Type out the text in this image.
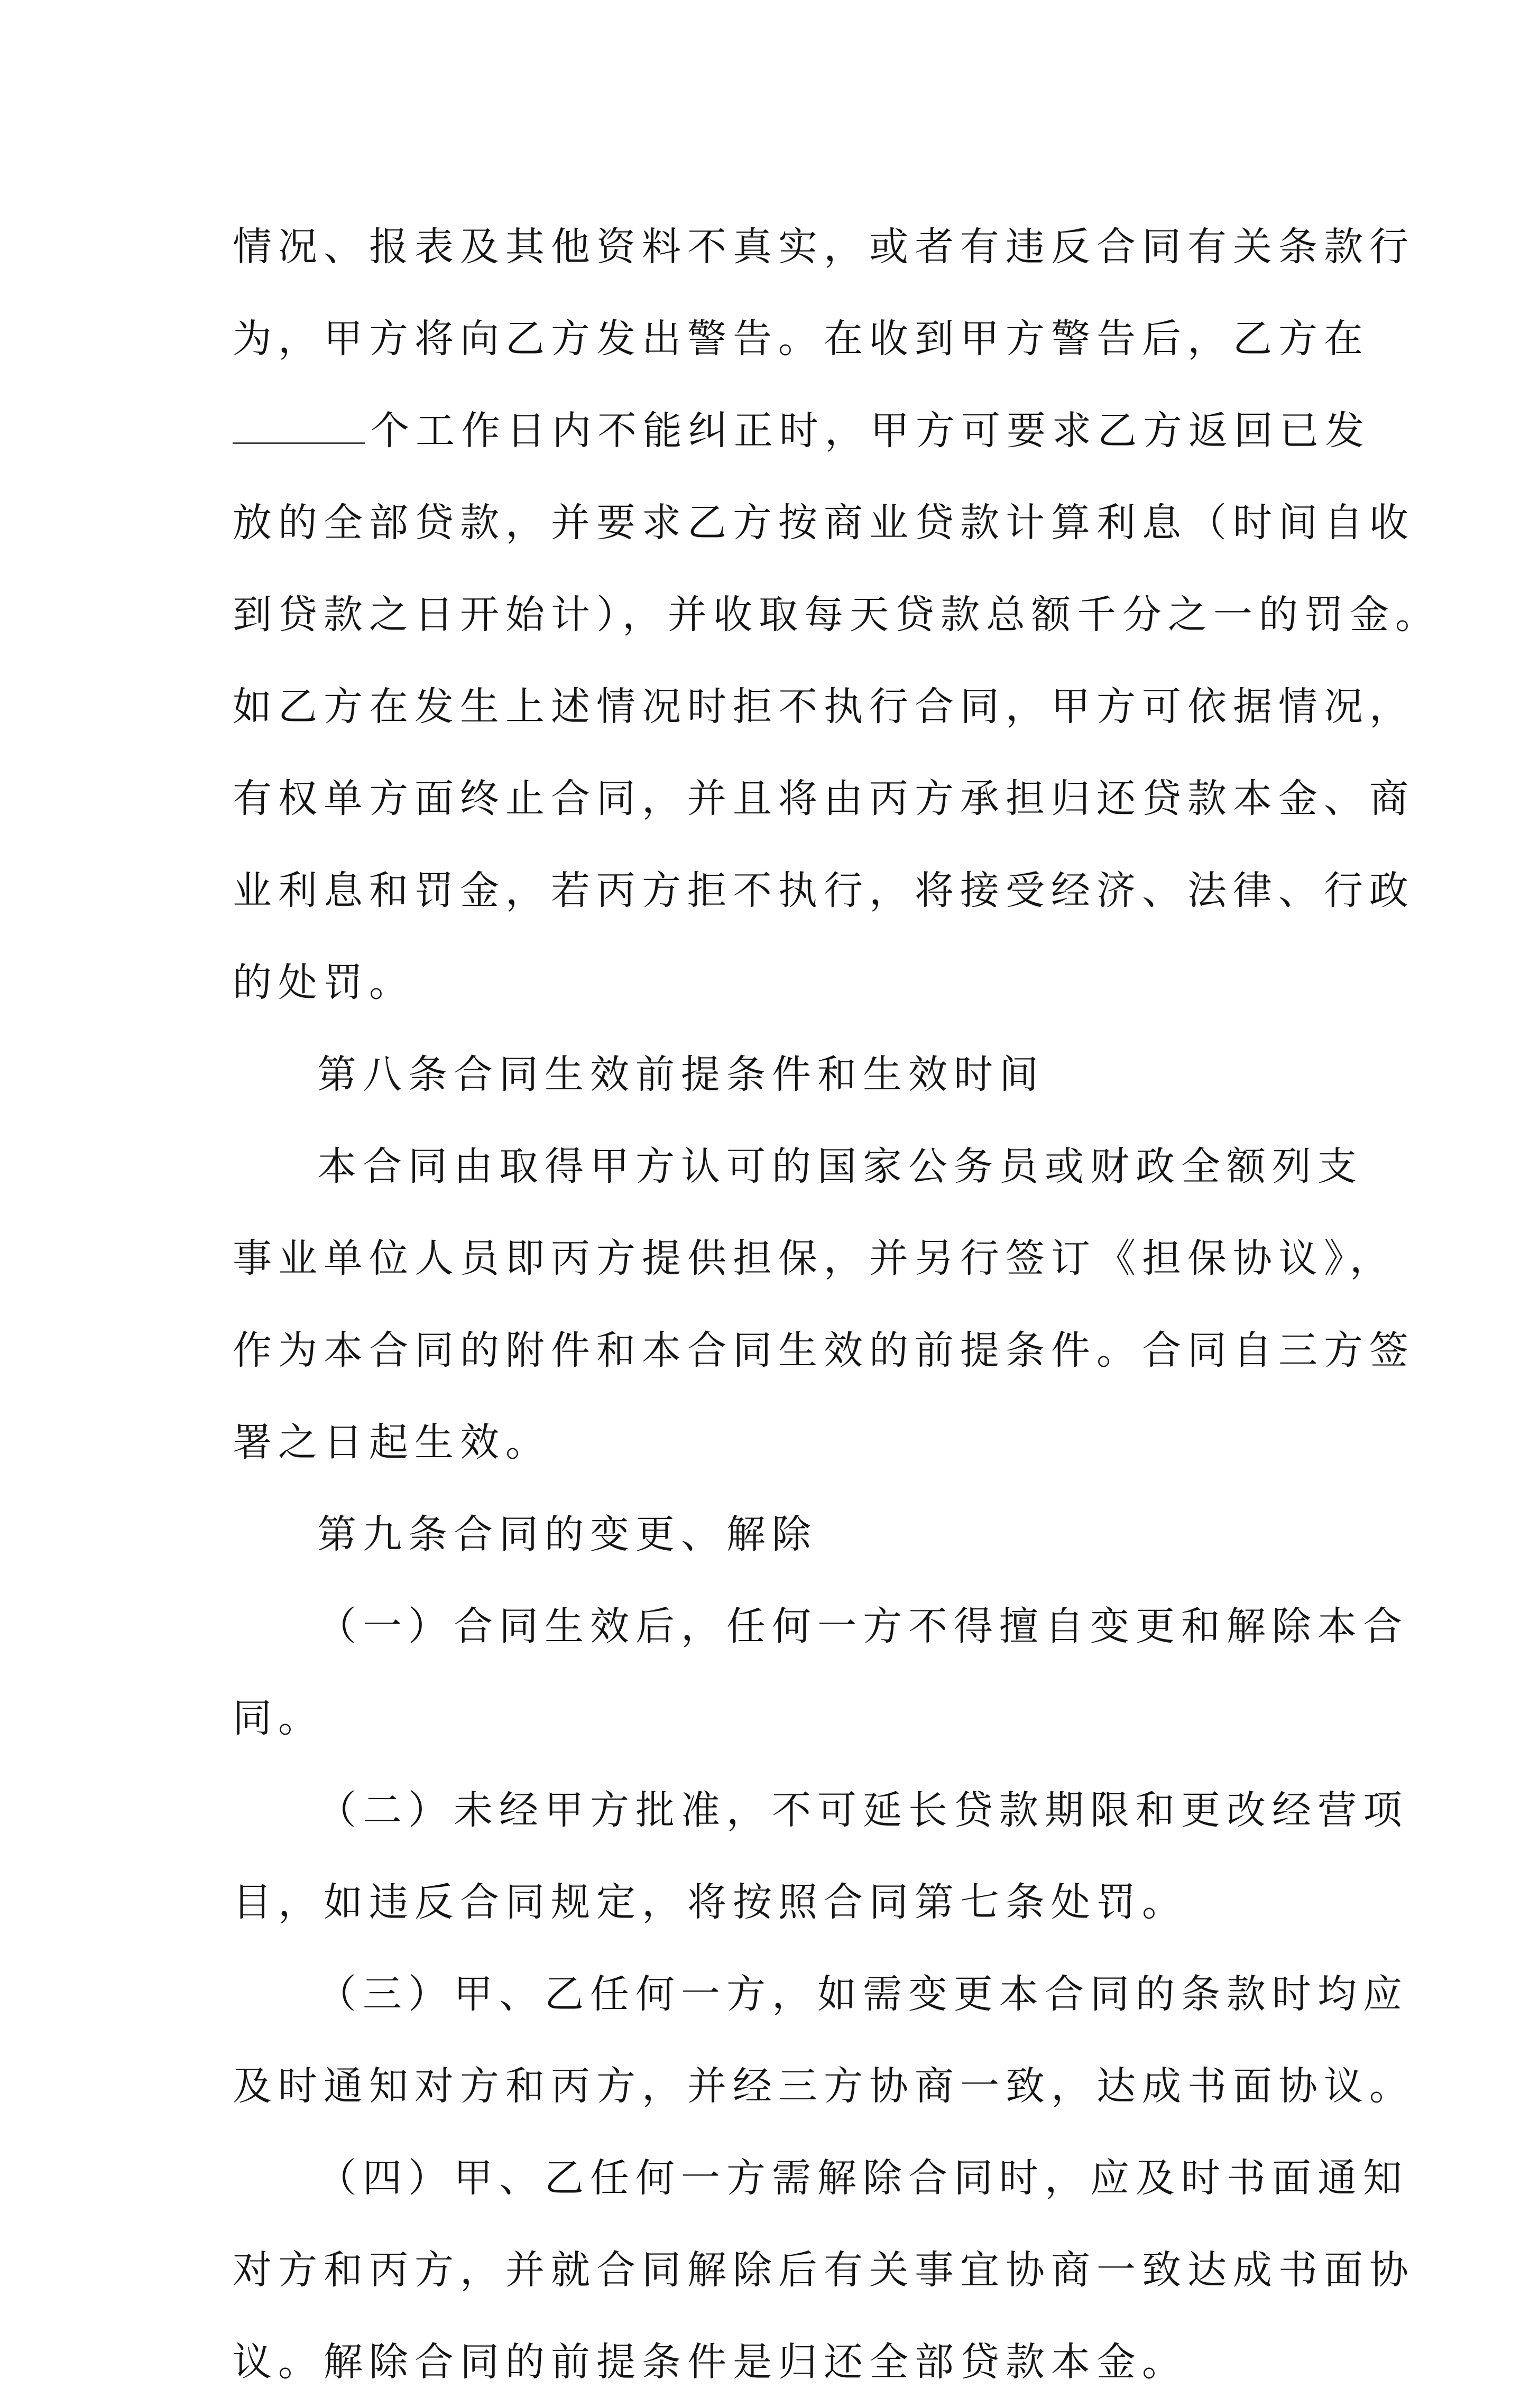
情况、报表及其他资料不真实，或者有违反合同有关条款行
为，甲方将向乙方发出警告。在收到甲方警告后，乙方在
个工作日内不能纠正时，甲方可要求乙方返回已发
放的全部贷款，并要求乙方按商业贷款计算利息（时间自收
到贷款之日开始计），并收取每天贷款总额千分之一的罚金。
如乙方在发生上述情况时拒不执行合同，甲方可依据情况，
有权单方面终止合同，并且将由丙方承担归还贷款本金、商
业利息和罚金，若丙方拒不执行，将接受经济、法律、行政
的处罚。
第八条合同生效前提条件和生效时间
本合同由取得甲方认可的国家公务员或财政全额列支
事业单位人员即丙方提供担保，并另行签订《担保协议》，
作为本合同的附件和本合同生效的前提条件。合同自三方签
署之日起生效。
第九条合同的变更、解除
（一）合同生效后，任何一方不得擅自变更和解除本合
同。
（二）未经甲方批准，不可延长贷款期限和更改经营项
目，如违反合同规定，将按照合同第七条处罚。
（三）甲、乙任何一方，如需变更本合同的条款时均应
及时通知对方和丙方，并经三方协商一致，达成书面协议。
（四）甲、乙任何一方需解除合同时，应及时书面通知
对方和丙方，并就合同解除后有关事宜协商一致达成书面协
议。解除合同的前提条件是归还全部贷款本金。
